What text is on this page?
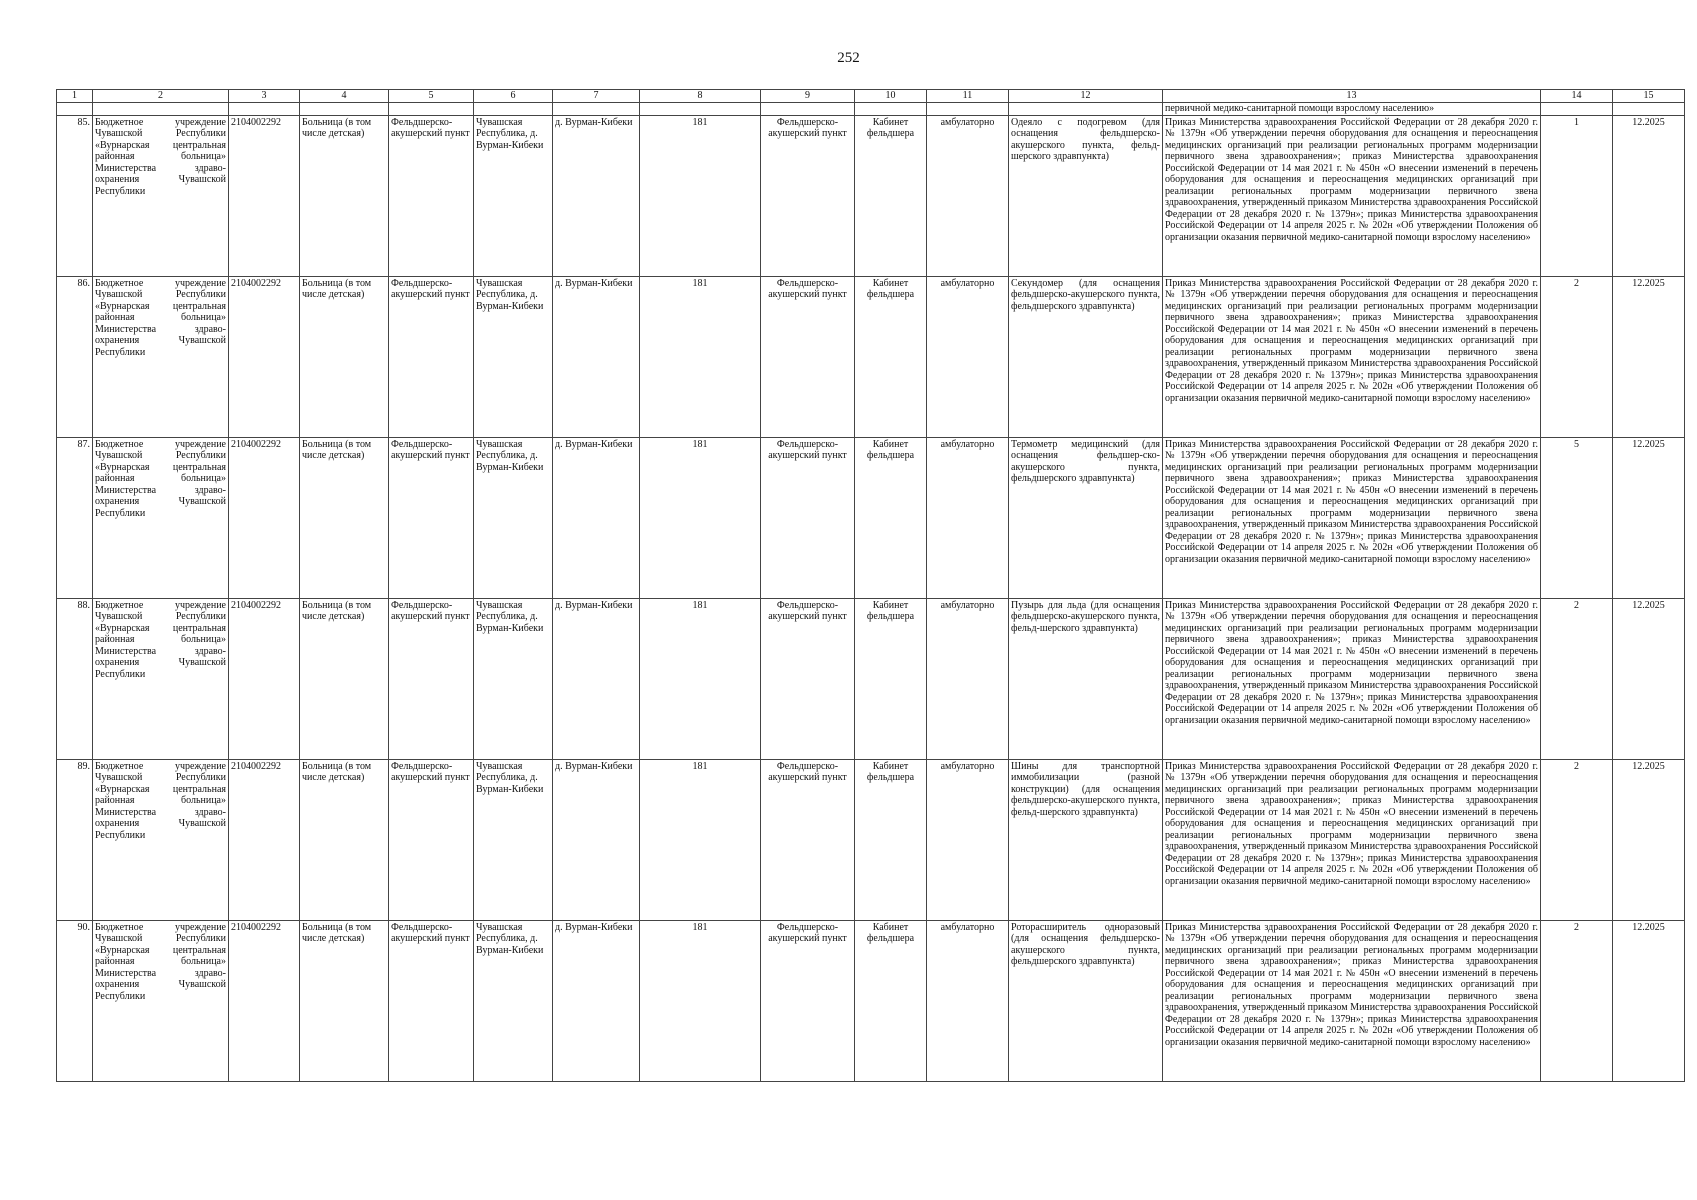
252
1	2	3	4	5	6	7	8	9	10	11	12	13	14	15
												первичной медико-санитарной помощи взрослому населению»		
85.	Бюджетное учреждение Чувашской Республики «Вурнарская центральная районная больница» Министерства здраво-охранения Чувашской Республики	2104002292	Больница (в том числе детская)	Фельдшерско-акушерский пункт	Чувашская Республика, д. Вурман-Кибеки	д. Вурман-Кибеки	181	Фельдшерско-акушерский пункт	Кабинет фельдшера	амбулаторно	Одеяло с подогревом (для оснащения фельдшерско-акушерского пункта, фельд-шерского здравпункта)	Приказ Министерства здравоохранения Российской Федерации от 28 декабря 2020 г. № 1379н «Об утверждении перечня оборудования для оснащения и переоснащения медицинских организаций при реализации региональных программ модернизации первичного звена здравоохранения»; приказ Министерства здравоохранения Российской Федерации от 14 мая 2021 г. № 450н «О внесении изменений в перечень оборудования для оснащения и переоснащения медицинских организаций при реализации региональных программ модернизации первичного звена здравоохранения, утвержденный приказом Министерства здравоохранения Российской Федерации от 28 декабря 2020 г. № 1379н»; приказ Министерства здравоохранения Российской Федерации от 14 апреля 2025 г. № 202н «Об утверждении Положения об организации оказания первичной медико-санитарной помощи взрослому населению»	1	12.2025
86.	Бюджетное учреждение Чувашской Республики «Вурнарская центральная районная больница» Министерства здраво-охранения Чувашской Республики	2104002292	Больница (в том числе детская)	Фельдшерско-акушерский пункт	Чувашская Республика, д. Вурман-Кибеки	д. Вурман-Кибеки	181	Фельдшерско-акушерский пункт	Кабинет фельдшера	амбулаторно	Секундомер (для оснащения фельдшерско-акушерского пункта, фельдшерского здравпункта)	Приказ Министерства здравоохранения Российской Федерации от 28 декабря 2020 г. № 1379н «Об утверждении перечня оборудования для оснащения и переоснащения медицинских организаций при реализации региональных программ модернизации первичного звена здравоохранения»; приказ Министерства здравоохранения Российской Федерации от 14 мая 2021 г. № 450н «О внесении изменений в перечень оборудования для оснащения и переоснащения медицинских организаций при реализации региональных программ модернизации первичного звена здравоохранения, утвержденный приказом Министерства здравоохранения Российской Федерации от 28 декабря 2020 г. № 1379н»; приказ Министерства здравоохранения Российской Федерации от 14 апреля 2025 г. № 202н «Об утверждении Положения об организации оказания первичной медико-санитарной помощи взрослому населению»	2	12.2025
87.	Бюджетное учреждение Чувашской Республики «Вурнарская центральная районная больница» Министерства здраво-охранения Чувашской Республики	2104002292	Больница (в том числе детская)	Фельдшерско-акушерский пункт	Чувашская Республика, д. Вурман-Кибеки	д. Вурман-Кибеки	181	Фельдшерско-акушерский пункт	Кабинет фельдшера	амбулаторно	Термометр медицинский (для оснащения фельдшер-ско-акушерского пункта, фельдшерского здравпункта)	Приказ Министерства здравоохранения Российской Федерации от 28 декабря 2020 г. № 1379н «Об утверждении перечня оборудования для оснащения и переоснащения медицинских организаций при реализации региональных программ модернизации первичного звена здравоохранения»; приказ Министерства здравоохранения Российской Федерации от 14 мая 2021 г. № 450н «О внесении изменений в перечень оборудования для оснащения и переоснащения медицинских организаций при реализации региональных программ модернизации первичного звена здравоохранения, утвержденный приказом Министерства здравоохранения Российской Федерации от 28 декабря 2020 г. № 1379н»; приказ Министерства здравоохранения Российской Федерации от 14 апреля 2025 г. № 202н «Об утверждении Положения об организации оказания первичной медико-санитарной помощи взрослому населению»	5	12.2025
88.	Бюджетное учреждение Чувашской Республики «Вурнарская центральная районная больница» Министерства здраво-охранения Чувашской Республики	2104002292	Больница (в том числе детская)	Фельдшерско-акушерский пункт	Чувашская Республика, д. Вурман-Кибеки	д. Вурман-Кибеки	181	Фельдшерско-акушерский пункт	Кабинет фельдшера	амбулаторно	Пузырь для льда (для оснащения фельдшерско-акушерского пункта, фельд-шерского здравпункта)	Приказ Министерства здравоохранения Российской Федерации от 28 декабря 2020 г. № 1379н «Об утверждении перечня оборудования для оснащения и переоснащения медицинских организаций при реализации региональных программ модернизации первичного звена здравоохранения»; приказ Министерства здравоохранения Российской Федерации от 14 мая 2021 г. № 450н «О внесении изменений в перечень оборудования для оснащения и переоснащения медицинских организаций при реализации региональных программ модернизации первичного звена здравоохранения, утвержденный приказом Министерства здравоохранения Российской Федерации от 28 декабря 2020 г. № 1379н»; приказ Министерства здравоохранения Российской Федерации от 14 апреля 2025 г. № 202н «Об утверждении Положения об организации оказания первичной медико-санитарной помощи взрослому населению»	2	12.2025
89.	Бюджетное учреждение Чувашской Республики «Вурнарская центральная районная больница» Министерства здраво-охранения Чувашской Республики	2104002292	Больница (в том числе детская)	Фельдшерско-акушерский пункт	Чувашская Республика, д. Вурман-Кибеки	д. Вурман-Кибеки	181	Фельдшерско-акушерский пункт	Кабинет фельдшера	амбулаторно	Шины для транспортной иммобилизации (разной конструкции) (для оснащения фельдшерско-акушерского пункта, фельд-шерского здравпункта)	Приказ Министерства здравоохранения Российской Федерации от 28 декабря 2020 г. № 1379н «Об утверждении перечня оборудования для оснащения и переоснащения медицинских организаций при реализации региональных программ модернизации первичного звена здравоохранения»; приказ Министерства здравоохранения Российской Федерации от 14 мая 2021 г. № 450н «О внесении изменений в перечень оборудования для оснащения и переоснащения медицинских организаций при реализации региональных программ модернизации первичного звена здравоохранения, утвержденный приказом Министерства здравоохранения Российской Федерации от 28 декабря 2020 г. № 1379н»; приказ Министерства здравоохранения Российской Федерации от 14 апреля 2025 г. № 202н «Об утверждении Положения об организации оказания первичной медико-санитарной помощи взрослому населению»	2	12.2025
90.	Бюджетное учреждение Чувашской Республики «Вурнарская центральная районная больница» Министерства здраво-охранения Чувашской Республики	2104002292	Больница (в том числе детская)	Фельдшерско-акушерский пункт	Чувашская Республика, д. Вурман-Кибеки	д. Вурман-Кибеки	181	Фельдшерско-акушерский пункт	Кабинет фельдшера	амбулаторно	Роторасширитель одноразовый (для оснащения фельдшерско-акушерского пункта, фельдшерского здравпункта)	Приказ Министерства здравоохранения Российской Федерации от 28 декабря 2020 г. № 1379н «Об утверждении перечня оборудования для оснащения и переоснащения медицинских организаций при реализации региональных программ модернизации первичного звена здравоохранения»; приказ Министерства здравоохранения Российской Федерации от 14 мая 2021 г. № 450н «О внесении изменений в перечень оборудования для оснащения и переоснащения медицинских организаций при реализации региональных программ модернизации первичного звена здравоохранения, утвержденный приказом Министерства здравоохранения Российской Федерации от 28 декабря 2020 г. № 1379н»; приказ Министерства здравоохранения Российской Федерации от 14 апреля 2025 г. № 202н «Об утверждении Положения об организации оказания первичной медико-санитарной помощи взрослому населению»	2	12.2025
